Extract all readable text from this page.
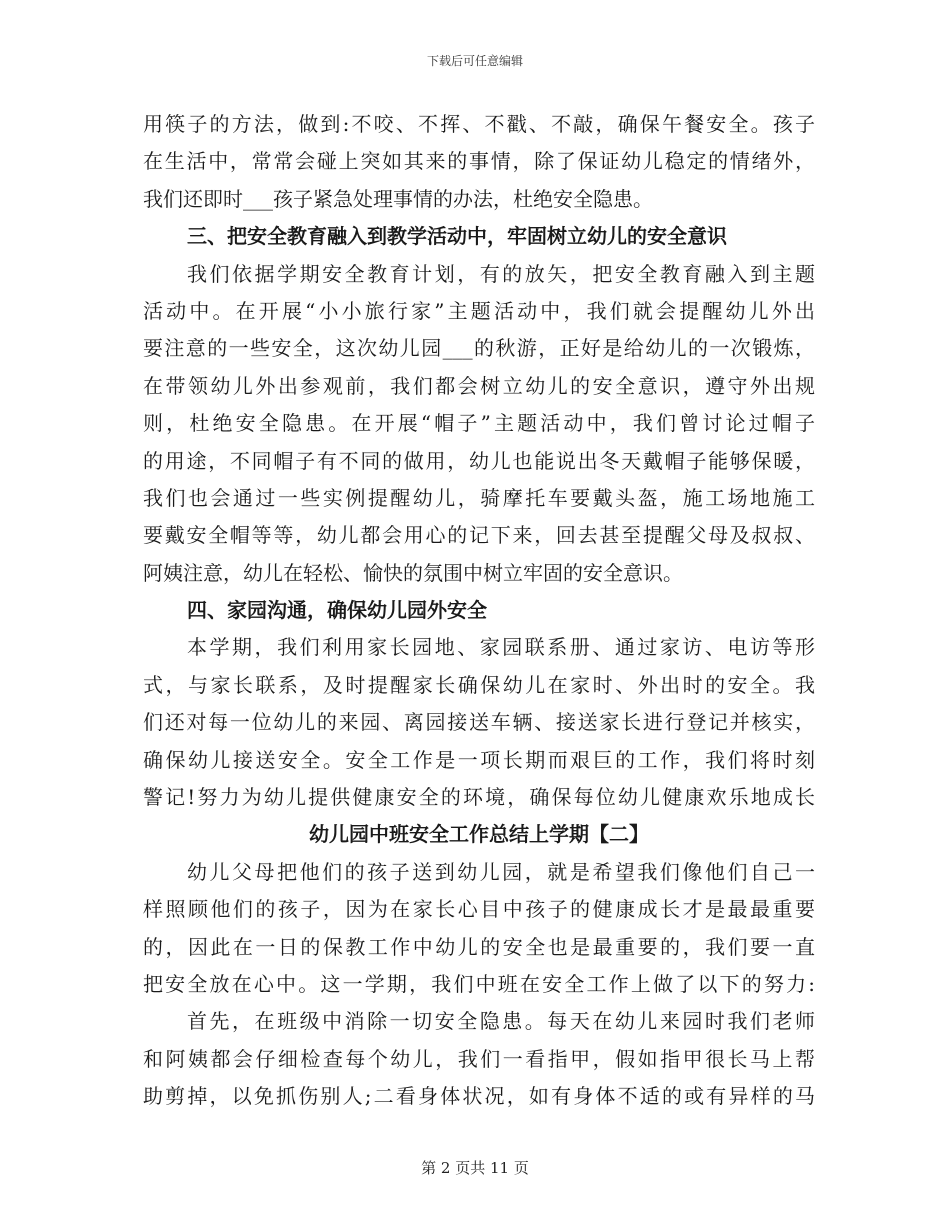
下载后可任意编辑
用筷子的方法，做到:不咬、不挥、不戳、不敲，确保午餐安全。孩子
在生活中，常常会碰上突如其来的事情，除了保证幼儿稳定的情绪外，
我们还即时___孩子紧急处理事情的办法，杜绝安全隐患。
三、把安全教育融入到教学活动中，牢固树立幼儿的安全意识
我们依据学期安全教育计划，有的放矢，把安全教育融入到主题
活动中。在开展“小小旅行家”主题活动中，我们就会提醒幼儿外出
要注意的一些安全，这次幼儿园___的秋游，正好是给幼儿的一次锻炼，
在带领幼儿外出参观前，我们都会树立幼儿的安全意识，遵守外出规
则，杜绝安全隐患。在开展“帽子”主题活动中，我们曾讨论过帽子
的用途，不同帽子有不同的做用，幼儿也能说出冬天戴帽子能够保暖，
我们也会通过一些实例提醒幼儿，骑摩托车要戴头盔，施工场地施工
要戴安全帽等等，幼儿都会用心的记下来，回去甚至提醒父母及叔叔、
阿姨注意，幼儿在轻松、愉快的氛围中树立牢固的安全意识。
四、家园沟通，确保幼儿园外安全
本学期，我们利用家长园地、家园联系册、通过家访、电访等形
式，与家长联系，及时提醒家长确保幼儿在家时、外出时的安全。我
们还对每一位幼儿的来园、离园接送车辆、接送家长进行登记并核实，
确保幼儿接送安全。安全工作是一项长期而艰巨的工作，我们将时刻
警记!努力为幼儿提供健康安全的环境，确保每位幼儿健康欢乐地成长
幼儿园中班安全工作总结上学期【二】
幼儿父母把他们的孩子送到幼儿园，就是希望我们像他们自己一
样照顾他们的孩子，因为在家长心目中孩子的健康成长才是最最重要
的，因此在一日的保教工作中幼儿的安全也是最重要的，我们要一直
把安全放在心中。这一学期，我们中班在安全工作上做了以下的努力:
首先，在班级中消除一切安全隐患。每天在幼儿来园时我们老师
和阿姨都会仔细检查每个幼儿，我们一看指甲，假如指甲很长马上帮
助剪掉，以免抓伤别人;二看身体状况，如有身体不适的或有异样的马
第 2 页共 11 页
